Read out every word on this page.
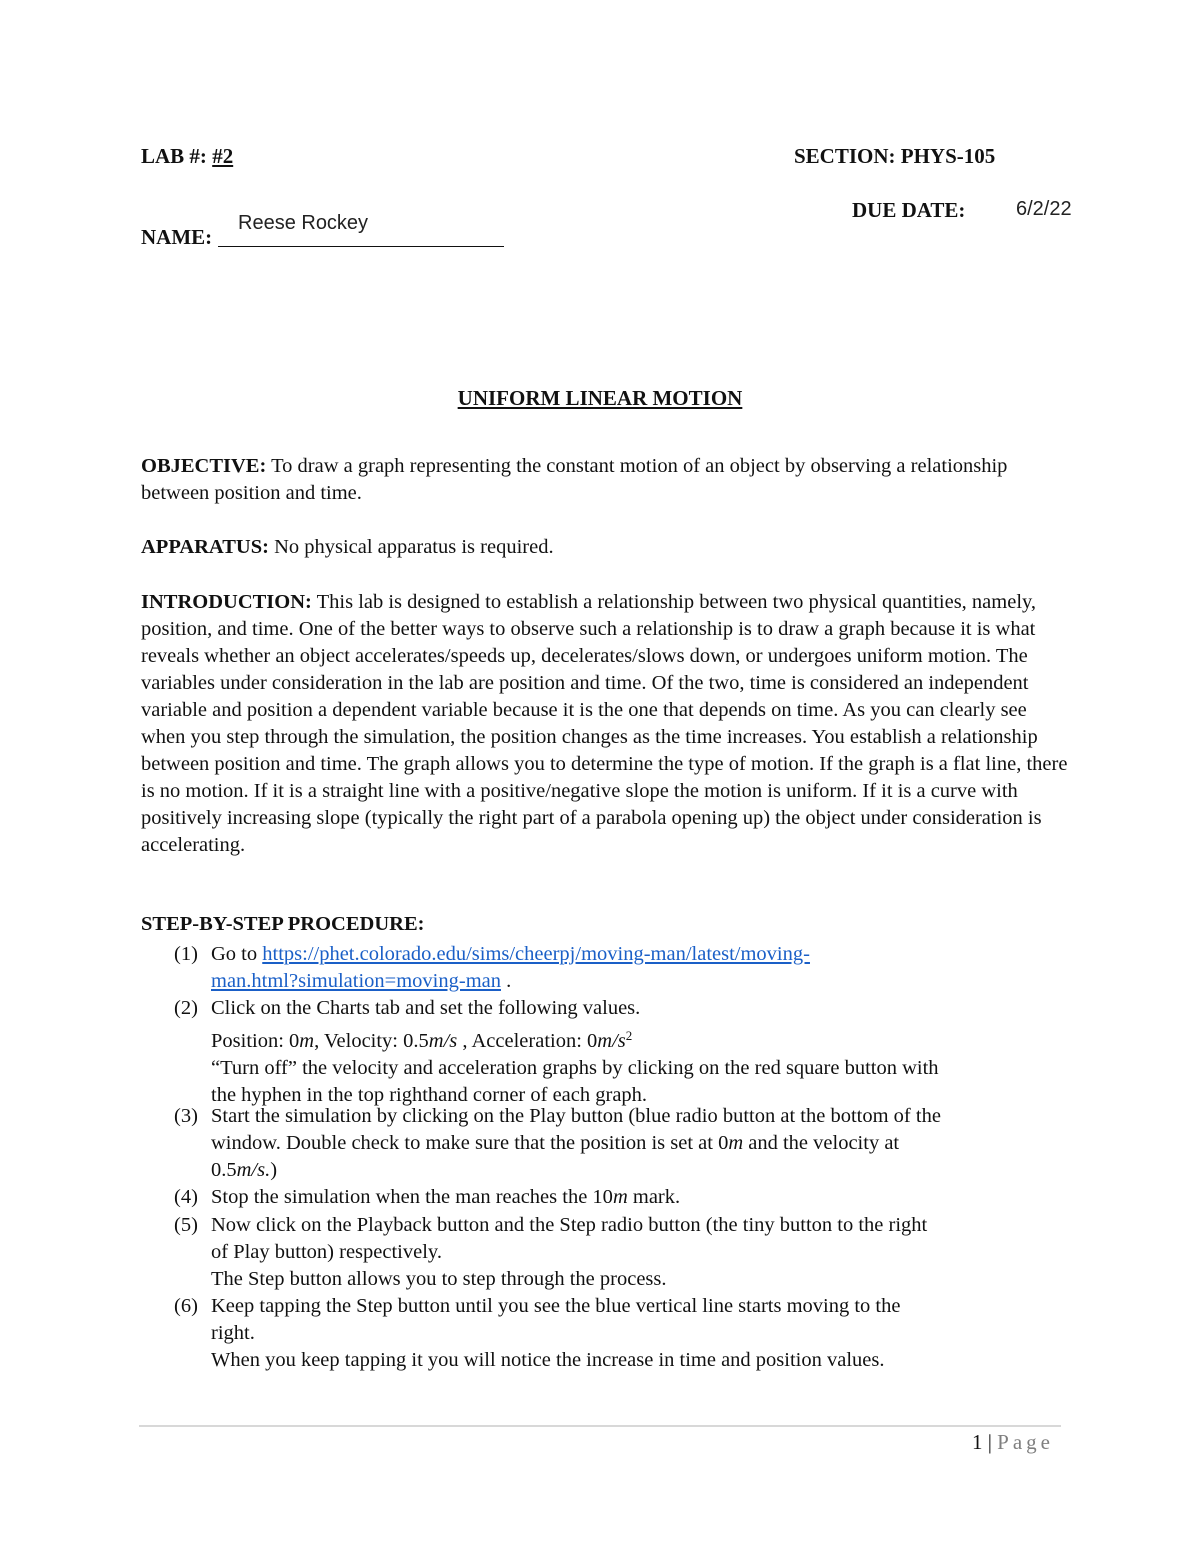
LAB #: #2	SECTION: PHYS-105
DUE DATE:	6/2/22
NAME:
Reese Rockey
UNIFORM LINEAR MOTION
OBJECTIVE: To draw a graph representing the constant motion of an object by observing a relationship between position and time.
APPARATUS: No physical apparatus is required.
INTRODUCTION: This lab is designed to establish a relationship between two physical quantities, namely, position, and time. One of the better ways to observe such a relationship is to draw a graph because it is what reveals whether an object accelerates/speeds up, decelerates/slows down, or undergoes uniform motion. The variables under consideration in the lab are position and time. Of the two, time is considered an independent variable and position a dependent variable because it is the one that depends on time. As you can clearly see when you step through the simulation, the position changes as the time increases. You establish a relationship between position and time. The graph allows you to determine the type of motion. If the graph is a flat line, there is no motion. If it is a straight line with a positive/negative slope the motion is uniform. If it is a curve with positively increasing slope (typically the right part of a parabola opening up) the object under consideration is accelerating.
STEP-BY-STEP PROCEDURE:
(1) Go to https://phet.colorado.edu/sims/cheerpj/moving-man/latest/moving-
man.html?simulation=moving-man .
(2) Click on the Charts tab and set the following values.
Position: 0m, Velocity: 0.5m/s , Acceleration: $0m/s^2$
“Turn off” the velocity and acceleration graphs by clicking on the red square button with
the hyphen in the top righthand corner of each graph.
(3) Start the simulation by clicking on the Play button (blue radio button at the bottom of the
window. Double check to make sure that the position is set at 0m and the velocity at
0.5m/s.)
(4) Stop the simulation when the man reaches the 10m mark.
(5) Now click on the Playback button and the Step radio button (the tiny button to the right
of Play button) respectively.
The Step button allows you to step through the process.
(6) Keep tapping the Step button until you see the blue vertical line starts moving to the
right.
When you keep tapping it you will notice the increase in time and position values.
1 | Page
